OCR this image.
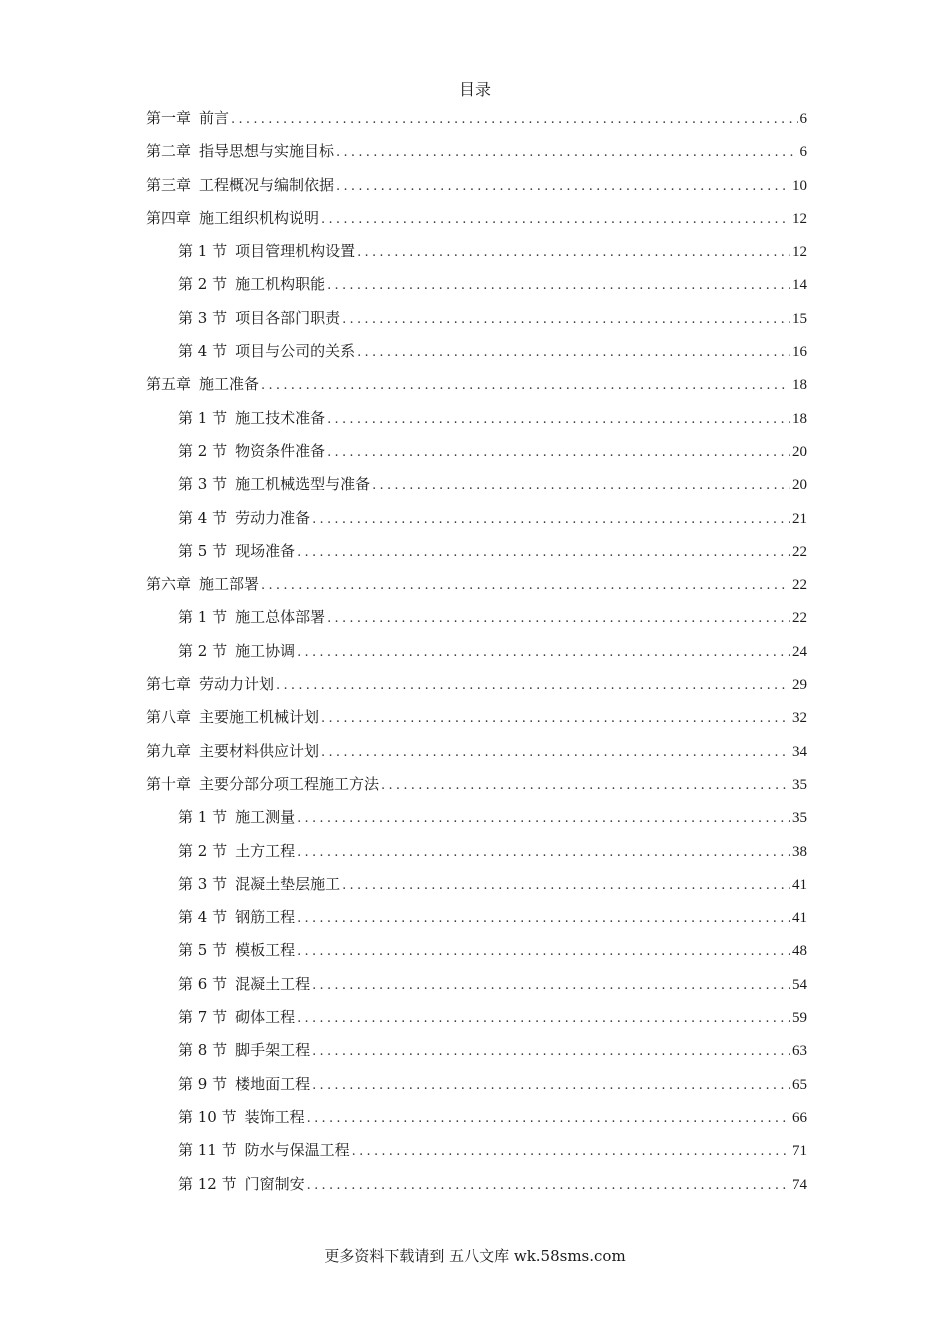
目录
第一章 前言 .....	6
第二章 指导思想与实施目标 .....	6
第三章 工程概况与编制依据 .....	10
第四章 施工组织机构说明 .....	12
第 1 节 项目管理机构设置 .....	12
第 2 节 施工机构职能 .....	14
第 3 节 项目各部门职责 .....	15
第 4 节 项目与公司的关系 .....	16
第五章 施工准备 .....	18
第 1 节 施工技术准备 .....	18
第 2 节 物资条件准备 .....	20
第 3 节 施工机械选型与准备 .....	20
第 4 节 劳动力准备 .....	21
第 5 节 现场准备 .....	22
第六章 施工部署 .....	22
第 1 节 施工总体部署 .....	22
第 2 节 施工协调 .....	24
第七章 劳动力计划 .....	29
第八章 主要施工机械计划 .....	32
第九章 主要材料供应计划 .....	34
第十章 主要分部分项工程施工方法 .....	35
第 1 节 施工测量 .....	35
第 2 节 土方工程 .....	38
第 3 节 混凝土垫层施工 .....	41
第 4 节 钢筋工程 .....	41
第 5 节 模板工程 .....	48
第 6 节 混凝土工程 .....	54
第 7 节 砌体工程 .....	59
第 8 节 脚手架工程 .....	63
第 9 节 楼地面工程 .....	65
第 10 节 装饰工程 .....	66
第 11 节 防水与保温工程 .....	71
第 12 节 门窗制安 .....	74
更多资料下载请到 五八文库 wk.58sms.com
